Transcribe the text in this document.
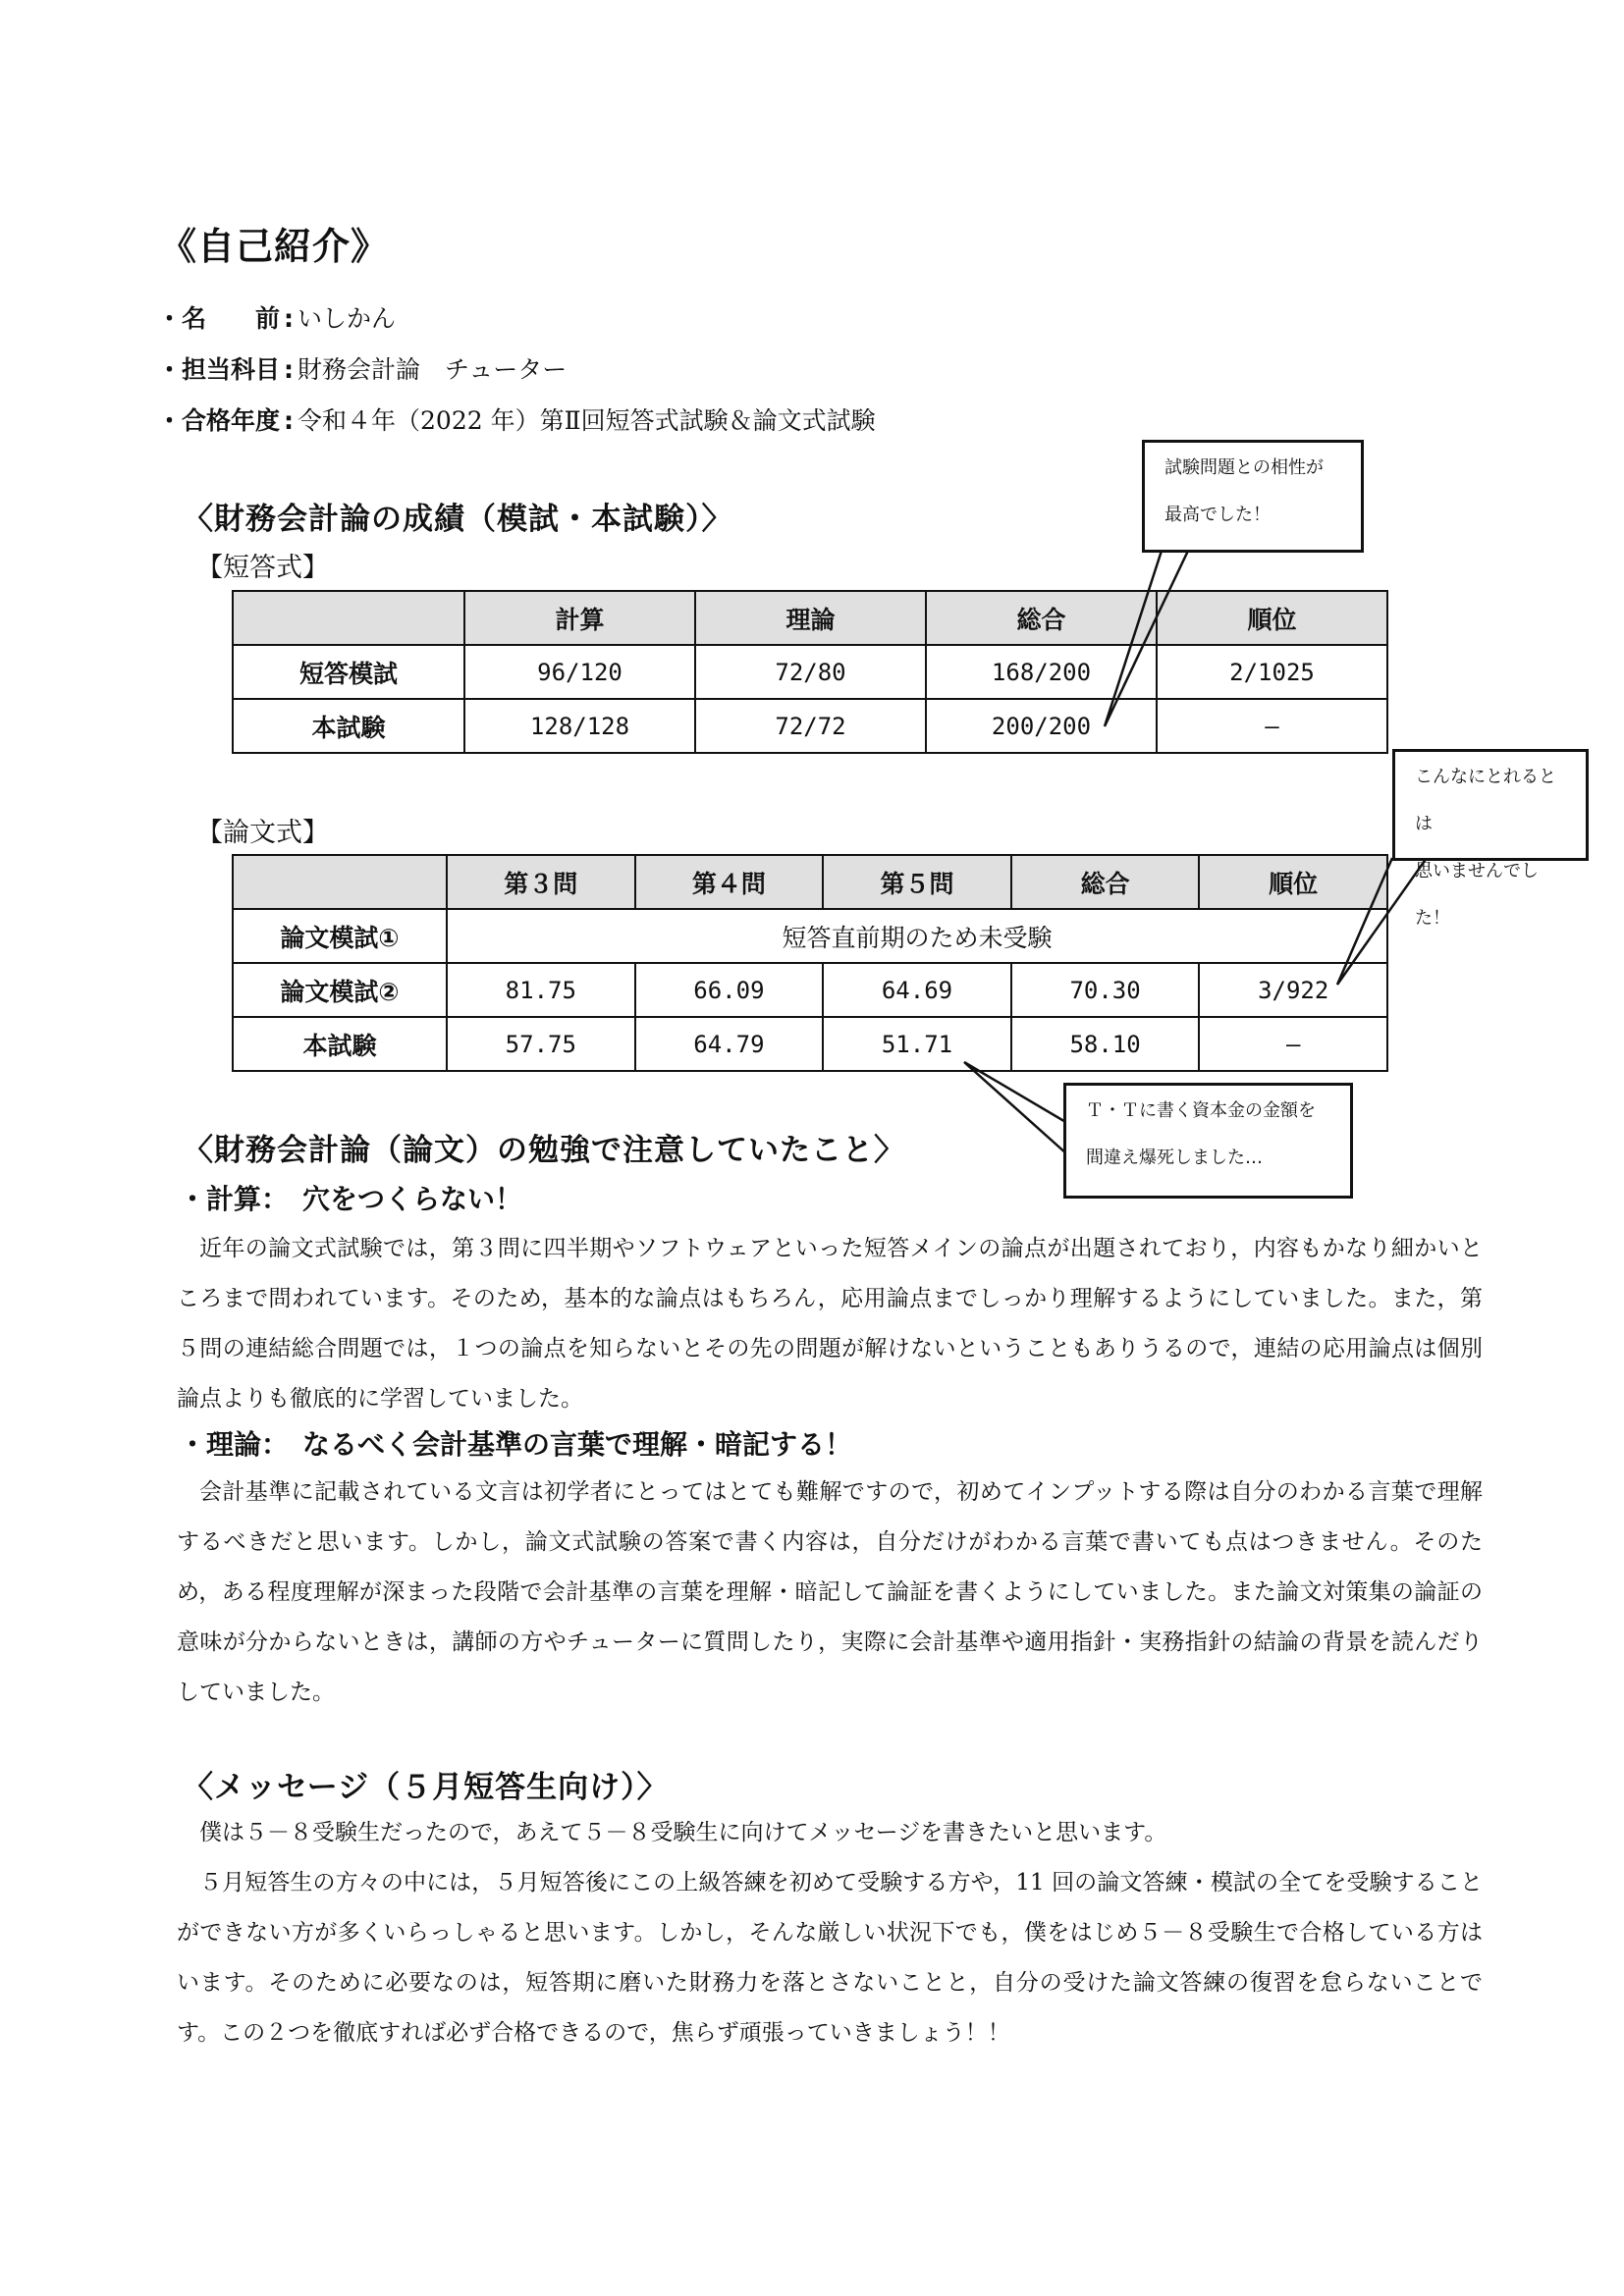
《自己紹介》
・名　　前 : いしかん
・担当科目 : 財務会計論　チューター
・合格年度 : 令和４年（2022 年）第Ⅱ回短答式試験＆論文式試験
〈財務会計論の成績（模試・本試験）〉
【短答式】
	計算	理論	総合	順位
短答模試	96/120	72/80	168/200	2/1025
本試験	128/128	72/72	200/200	―
【論文式】
	第３問	第４問	第５問	総合	順位
論文模試①	短答直前期のため未受験				
論文模試②	81.75	66.09	64.69	70.30	3/922
本試験	57.75	64.79	51.71	58.10	―
試験問題との相性が
最高でした！
こんなにとれるとは
思いませんでした！
Ｔ・Ｔに書く資本金の金額を
間違え爆死しました…
〈財務会計論（論文）の勉強で注意していたこと〉
・計算：　穴をつくらない！

近年の論文式試験では，第３問に四半期やソフトウェアといった短答メインの論点が出題されており，内容もかなり細かいところまで問われています。そのため，基本的な論点はもちろん，応用論点までしっかり理解するようにしていました。また，第５問の連結総合問題では，１つの論点を知らないとその先の問題が解けないということもありうるので，連結の応用論点は個別論点よりも徹底的に学習していました。

・理論：　なるべく会計基準の言葉で理解・暗記する！

会計基準に記載されている文言は初学者にとってはとても難解ですので，初めてインプットする際は自分のわかる言葉で理解するべきだと思います。しかし，論文式試験の答案で書く内容は，自分だけがわかる言葉で書いても点はつきません。そのため，ある程度理解が深まった段階で会計基準の言葉を理解・暗記して論証を書くようにしていました。また論文対策集の論証の意味が分からないときは，講師の方やチューターに質問したり，実際に会計基準や適用指針・実務指針の結論の背景を読んだりしていました。

〈メッセージ（５月短答生向け）〉

僕は５－８受験生だったので，あえて５－８受験生に向けてメッセージを書きたいと思います。

５月短答生の方々の中には，５月短答後にこの上級答練を初めて受験する方や，11 回の論文答練・模試の全てを受験することができない方が多くいらっしゃると思います。しかし，そんな厳しい状況下でも，僕をはじめ５－８受験生で合格している方はいます。そのために必要なのは，短答期に磨いた財務力を落とさないことと，自分の受けた論文答練の復習を怠らないことです。この２つを徹底すれば必ず合格できるので，焦らず頑張っていきましょう！！
